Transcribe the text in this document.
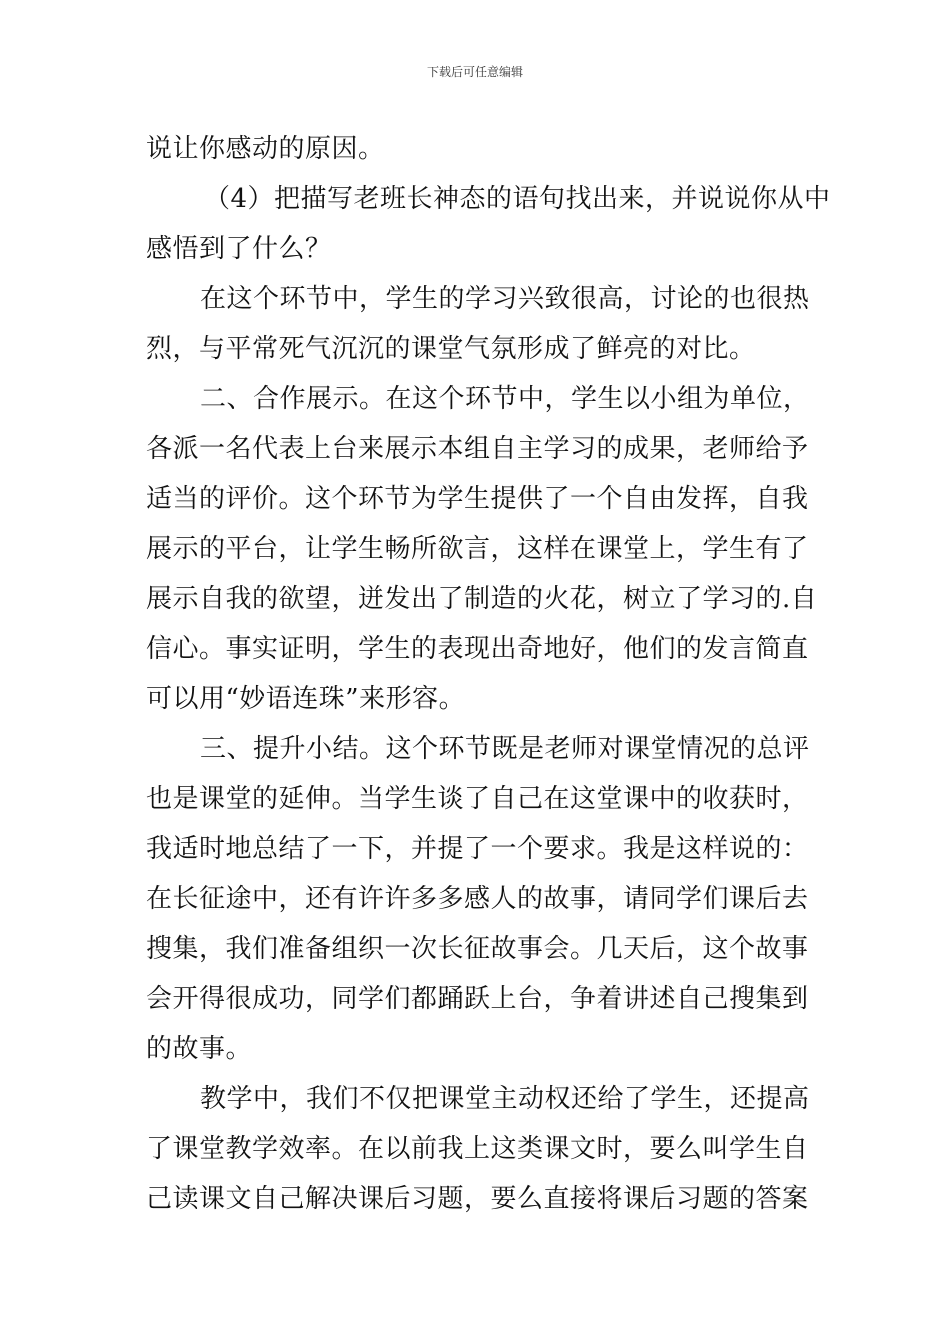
下载后可任意编辑
说让你感动的原因。
（4）把描写老班长神态的语句找出来，并说说你从中
感悟到了什么？
在这个环节中，学生的学习兴致很高，讨论的也很热
烈，与平常死气沉沉的课堂气氛形成了鲜亮的对比。
二、合作展示。在这个环节中，学生以小组为单位，
各派一名代表上台来展示本组自主学习的成果，老师给予
适当的评价。这个环节为学生提供了一个自由发挥，自我
展示的平台，让学生畅所欲言，这样在课堂上，学生有了
展示自我的欲望，迸发出了制造的火花，树立了学习的.自
信心。事实证明，学生的表现出奇地好，他们的发言简直
可以用“妙语连珠”来形容。
三、提升小结。这个环节既是老师对课堂情况的总评
也是课堂的延伸。当学生谈了自己在这堂课中的收获时，
我适时地总结了一下，并提了一个要求。我是这样说的：
在长征途中，还有许许多多感人的故事，请同学们课后去
搜集，我们准备组织一次长征故事会。几天后，这个故事
会开得很成功，同学们都踊跃上台，争着讲述自己搜集到
的故事。
教学中，我们不仅把课堂主动权还给了学生，还提高
了课堂教学效率。在以前我上这类课文时，要么叫学生自
己读课文自己解决课后习题，要么直接将课后习题的答案
